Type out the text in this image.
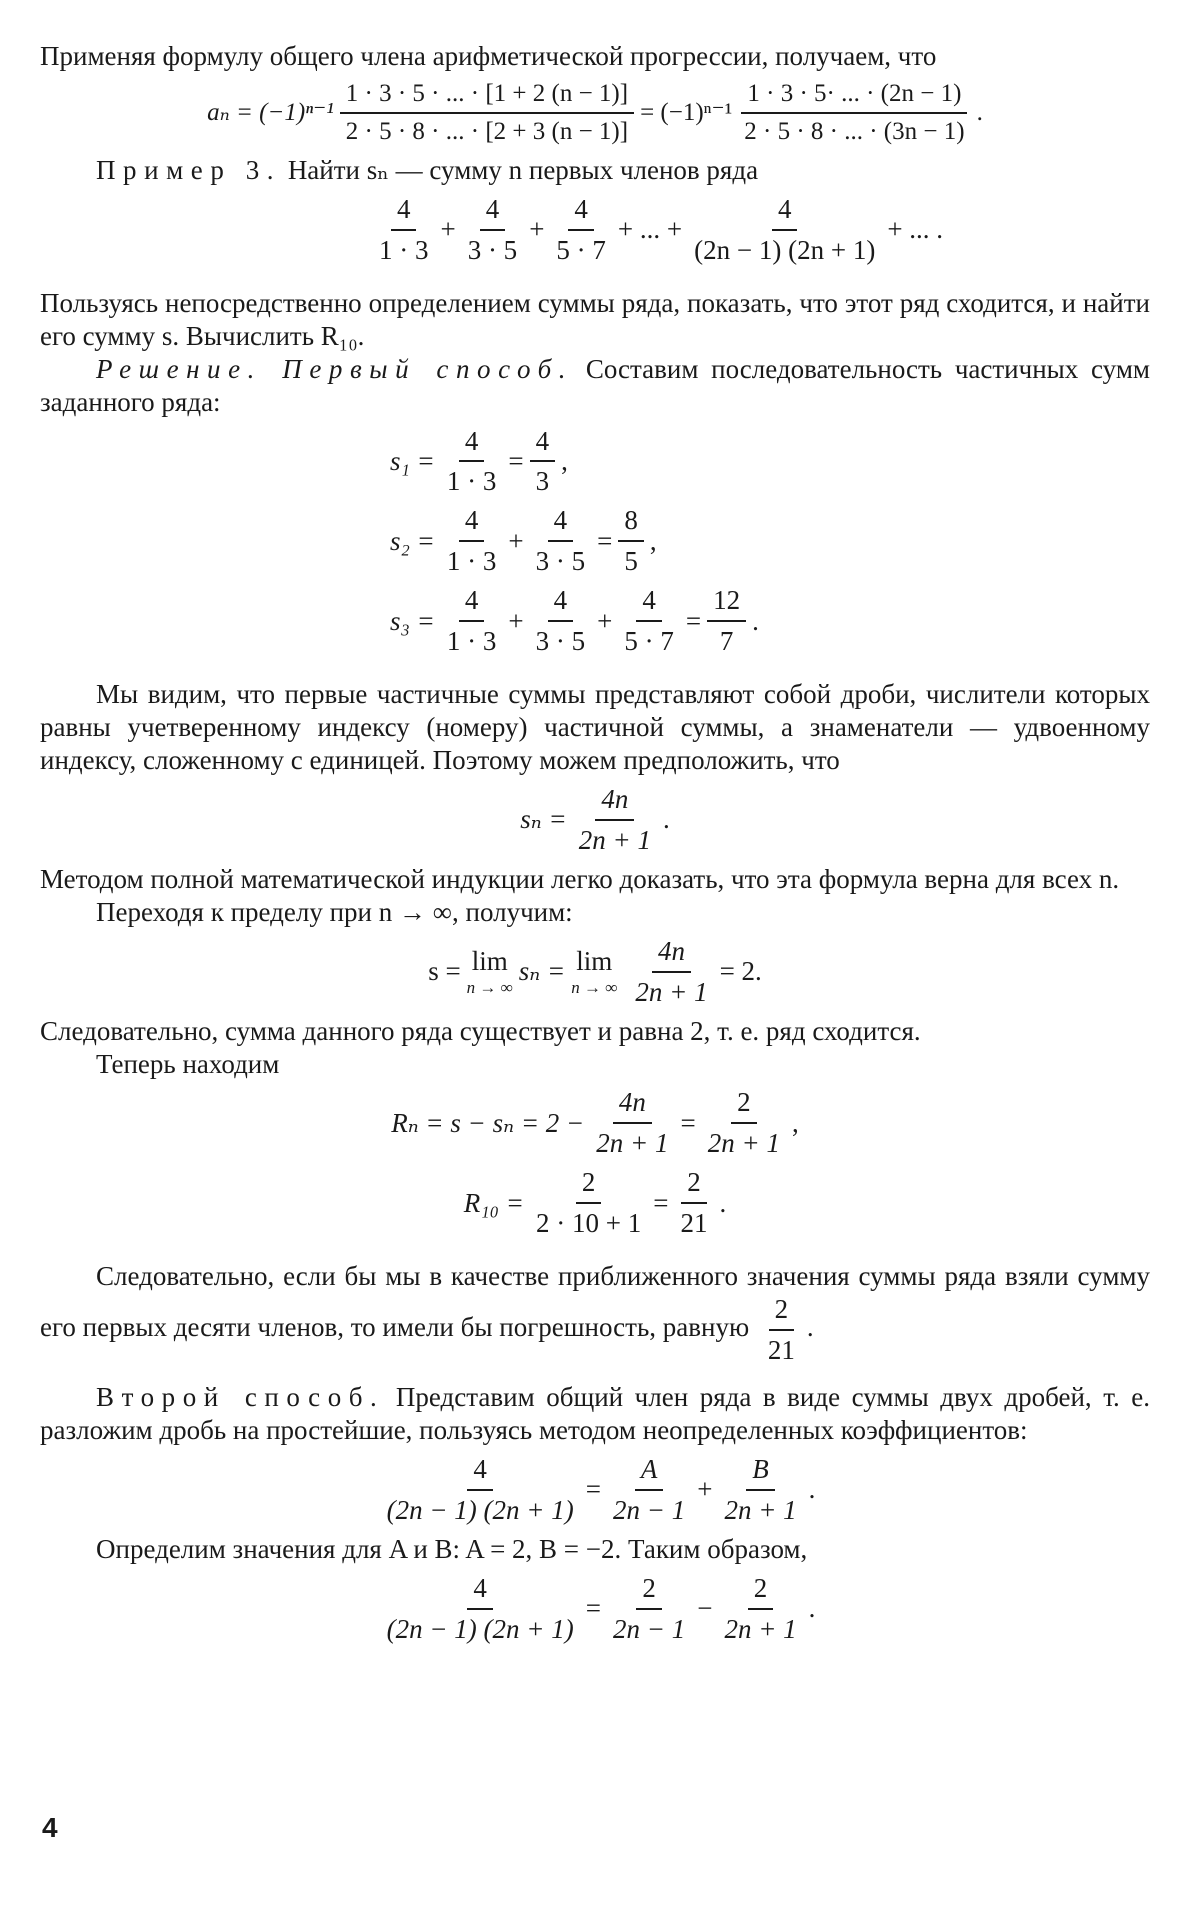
Применяя формулу общего члена арифметической прогрессии, получаем, что

$a_n = (-1)^{n-1} \frac{1 \cdot 3 \cdot 5 \cdot ... \cdot [1 + 2 (n - 1)]}{2 \cdot 5 \cdot 8 \cdot ... \cdot [2 + 3 (n - 1)]} = (-1)^{n-1} \frac{1 \cdot 3 \cdot 5\cdot ... \cdot (2n - 1)}{2 \cdot 5 \cdot 8 \cdot ... \cdot (3n - 1)}$ .

Пример 3. Найти sₙ — сумму n первых членов ряда

$\frac{4}{1 \cdot 3} + \frac{4}{3 \cdot 5} + \frac{4}{5 \cdot 7}$ + ... + $\frac{4}{(2n - 1) (2n + 1)}$ + ... .

Пользуясь непосредственно определением суммы ряда, показать, что этот ряд сходится, и найти его сумму s. Вычислить R₁₀.

Решение. Первый способ. Составим последовательность частичных сумм заданного ряда:

$s_1 = \frac{4}{1 \cdot 3} = \frac{4}{3}$ ,
$s_2 = \frac{4}{1 \cdot 3} + \frac{4}{3 \cdot 5} = \frac{8}{5}$ ,
$s_3 = \frac{4}{1 \cdot 3} + \frac{4}{3 \cdot 5} + \frac{4}{5 \cdot 7} = \frac{12}{7}$ .

Мы видим, что первые частичные суммы представляют собой дроби, числители которых равны учетверенному индексу (номеру) частичной суммы, а знаменатели — удвоенному индексу, сложенному с единицей. Поэтому можем предположить, что

$s_n = \frac{4n}{2n + 1}$ .

Методом полной математической индукции легко доказать, что эта формула верна для всех n.

Переходя к пределу при n → ∞, получим:

s = lim
n → ∞
sₙ = lim
n → ∞ $\frac{4n}{2n + 1} = 2$.

Следовательно, сумма данного ряда существует и равна 2, т. е. ряд сходится.

Теперь находим

$R_n = s - s_n = 2 - \frac{4n}{2n + 1} = \frac{2}{2n + 1}$ ,
$R_{10} = \frac{2}{2 \cdot 10 + 1} = \frac{2}{21}$ .

Следовательно, если бы мы в качестве приближенного значения суммы ряда взяли сумму его первых десяти членов, то имели бы погрешность, равную $\frac{2}{21}$ .

Второй способ. Представим общий член ряда в виде суммы двух дробей, т. е. разложим дробь на простейшие, пользуясь методом неопределенных коэффициентов:

$\frac{4}{(2n - 1) (2n + 1)} = \frac{A}{2n - 1} + \frac{B}{2n + 1}$ .

Определим значения для A и B: A = 2, B = −2. Таким образом,

$\frac{4}{(2n - 1) (2n + 1)} = \frac{2}{2n - 1} - \frac{2}{2n + 1}$ .
4
